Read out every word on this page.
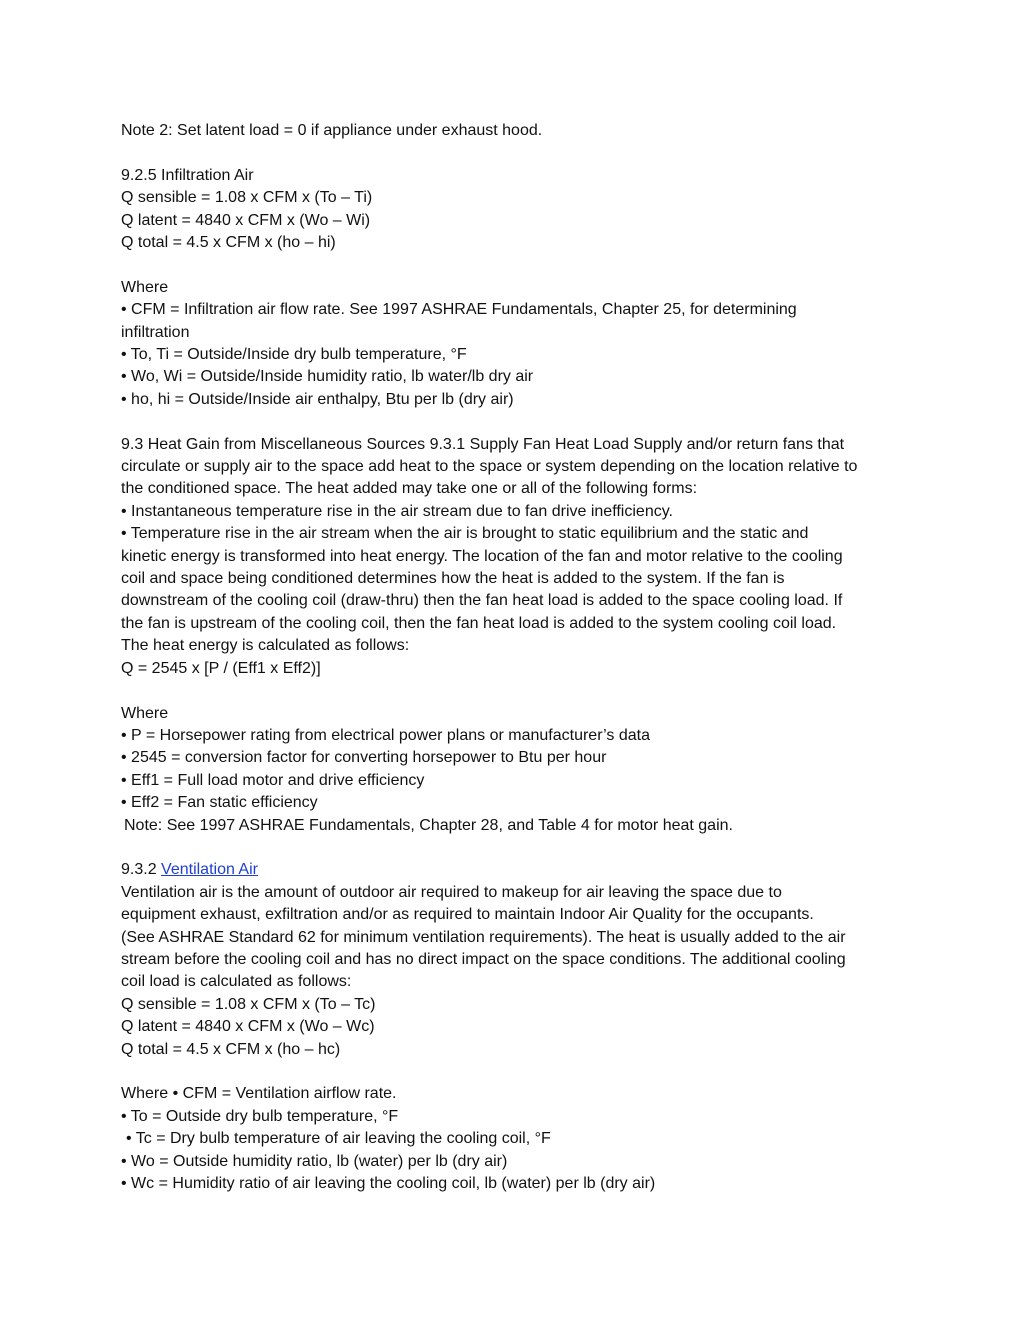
Note 2: Set latent load = 0 if appliance under exhaust hood.
9.2.5 Infiltration Air
Q sensible = 1.08 x CFM x (To – Ti)
Q latent = 4840 x CFM x (Wo – Wi)
Q total = 4.5 x CFM x (ho – hi)
Where
• CFM = Infiltration air flow rate. See 1997 ASHRAE Fundamentals, Chapter 25, for determining
infiltration
• To, Ti = Outside/Inside dry bulb temperature, °F
• Wo, Wi = Outside/Inside humidity ratio, lb water/lb dry air
• ho, hi = Outside/Inside air enthalpy, Btu per lb (dry air)
9.3 Heat Gain from Miscellaneous Sources 9.3.1 Supply Fan Heat Load Supply and/or return fans that
circulate or supply air to the space add heat to the space or system depending on the location relative to
the conditioned space. The heat added may take one or all of the following forms:
• Instantaneous temperature rise in the air stream due to fan drive inefficiency.
• Temperature rise in the air stream when the air is brought to static equilibrium and the static and
kinetic energy is transformed into heat energy. The location of the fan and motor relative to the cooling
coil and space being conditioned determines how the heat is added to the system. If the fan is
downstream of the cooling coil (draw-thru) then the fan heat load is added to the space cooling load. If
the fan is upstream of the cooling coil, then the fan heat load is added to the system cooling coil load.
The heat energy is calculated as follows:
Q = 2545 x [P / (Eff1 x Eff2)]
Where
• P = Horsepower rating from electrical power plans or manufacturer’s data
• 2545 = conversion factor for converting horsepower to Btu per hour
• Eff1 = Full load motor and drive efficiency
• Eff2 = Fan static efficiency
Note: See 1997 ASHRAE Fundamentals, Chapter 28, and Table 4 for motor heat gain.
9.3.2 Ventilation Air
Ventilation air is the amount of outdoor air required to makeup for air leaving the space due to
equipment exhaust, exfiltration and/or as required to maintain Indoor Air Quality for the occupants.
(See ASHRAE Standard 62 for minimum ventilation requirements). The heat is usually added to the air
stream before the cooling coil and has no direct impact on the space conditions. The additional cooling
coil load is calculated as follows:
Q sensible = 1.08 x CFM x (To – Tc)
Q latent = 4840 x CFM x (Wo – Wc)
Q total = 4.5 x CFM x (ho – hc)
Where • CFM = Ventilation airflow rate.
• To = Outside dry bulb temperature, °F
• Tc = Dry bulb temperature of air leaving the cooling coil, °F
• Wo = Outside humidity ratio, lb (water) per lb (dry air)
• Wc = Humidity ratio of air leaving the cooling coil, lb (water) per lb (dry air)
